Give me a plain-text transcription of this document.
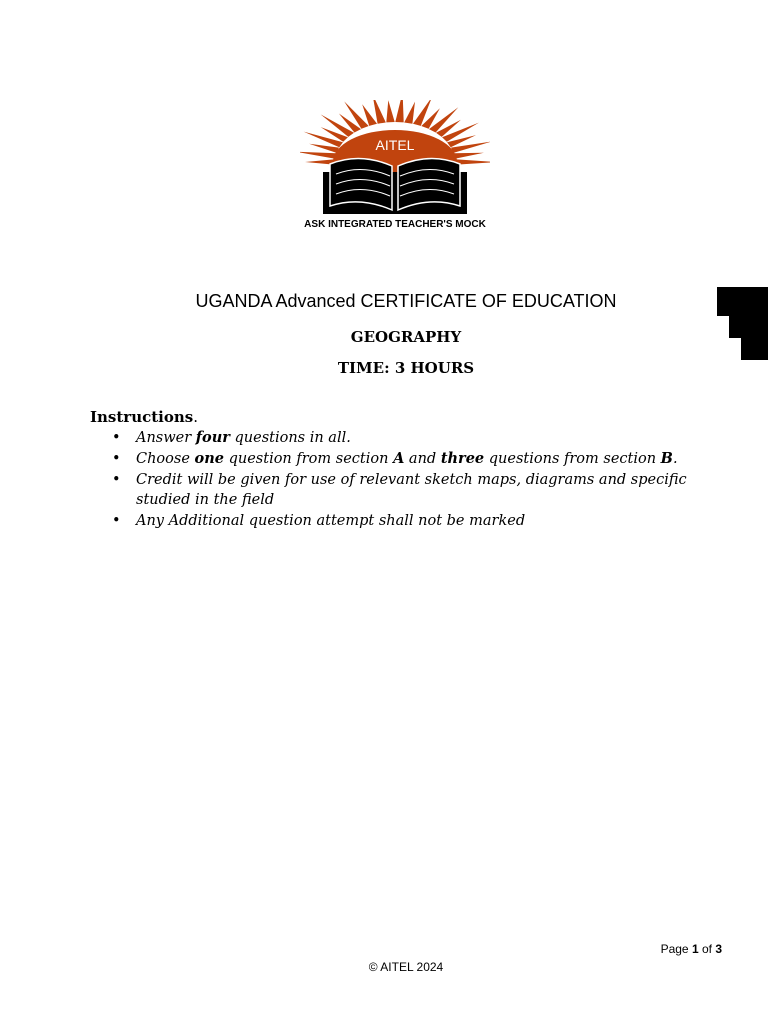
AITEL
ASK INTEGRATED TEACHER'S MOCK
UGANDA Advanced CERTIFICATE OF EDUCATION
GEOGRAPHY
TIME: 3 HOURS
Instructions.
• Answer four questions in all.
• Choose one question from section A and three questions from section B.
• Credit will be given for use of relevant sketch maps, diagrams and specific studied in the field
• Any Additional question attempt shall not be marked
Page 1 of 3
© AITEL 2024
